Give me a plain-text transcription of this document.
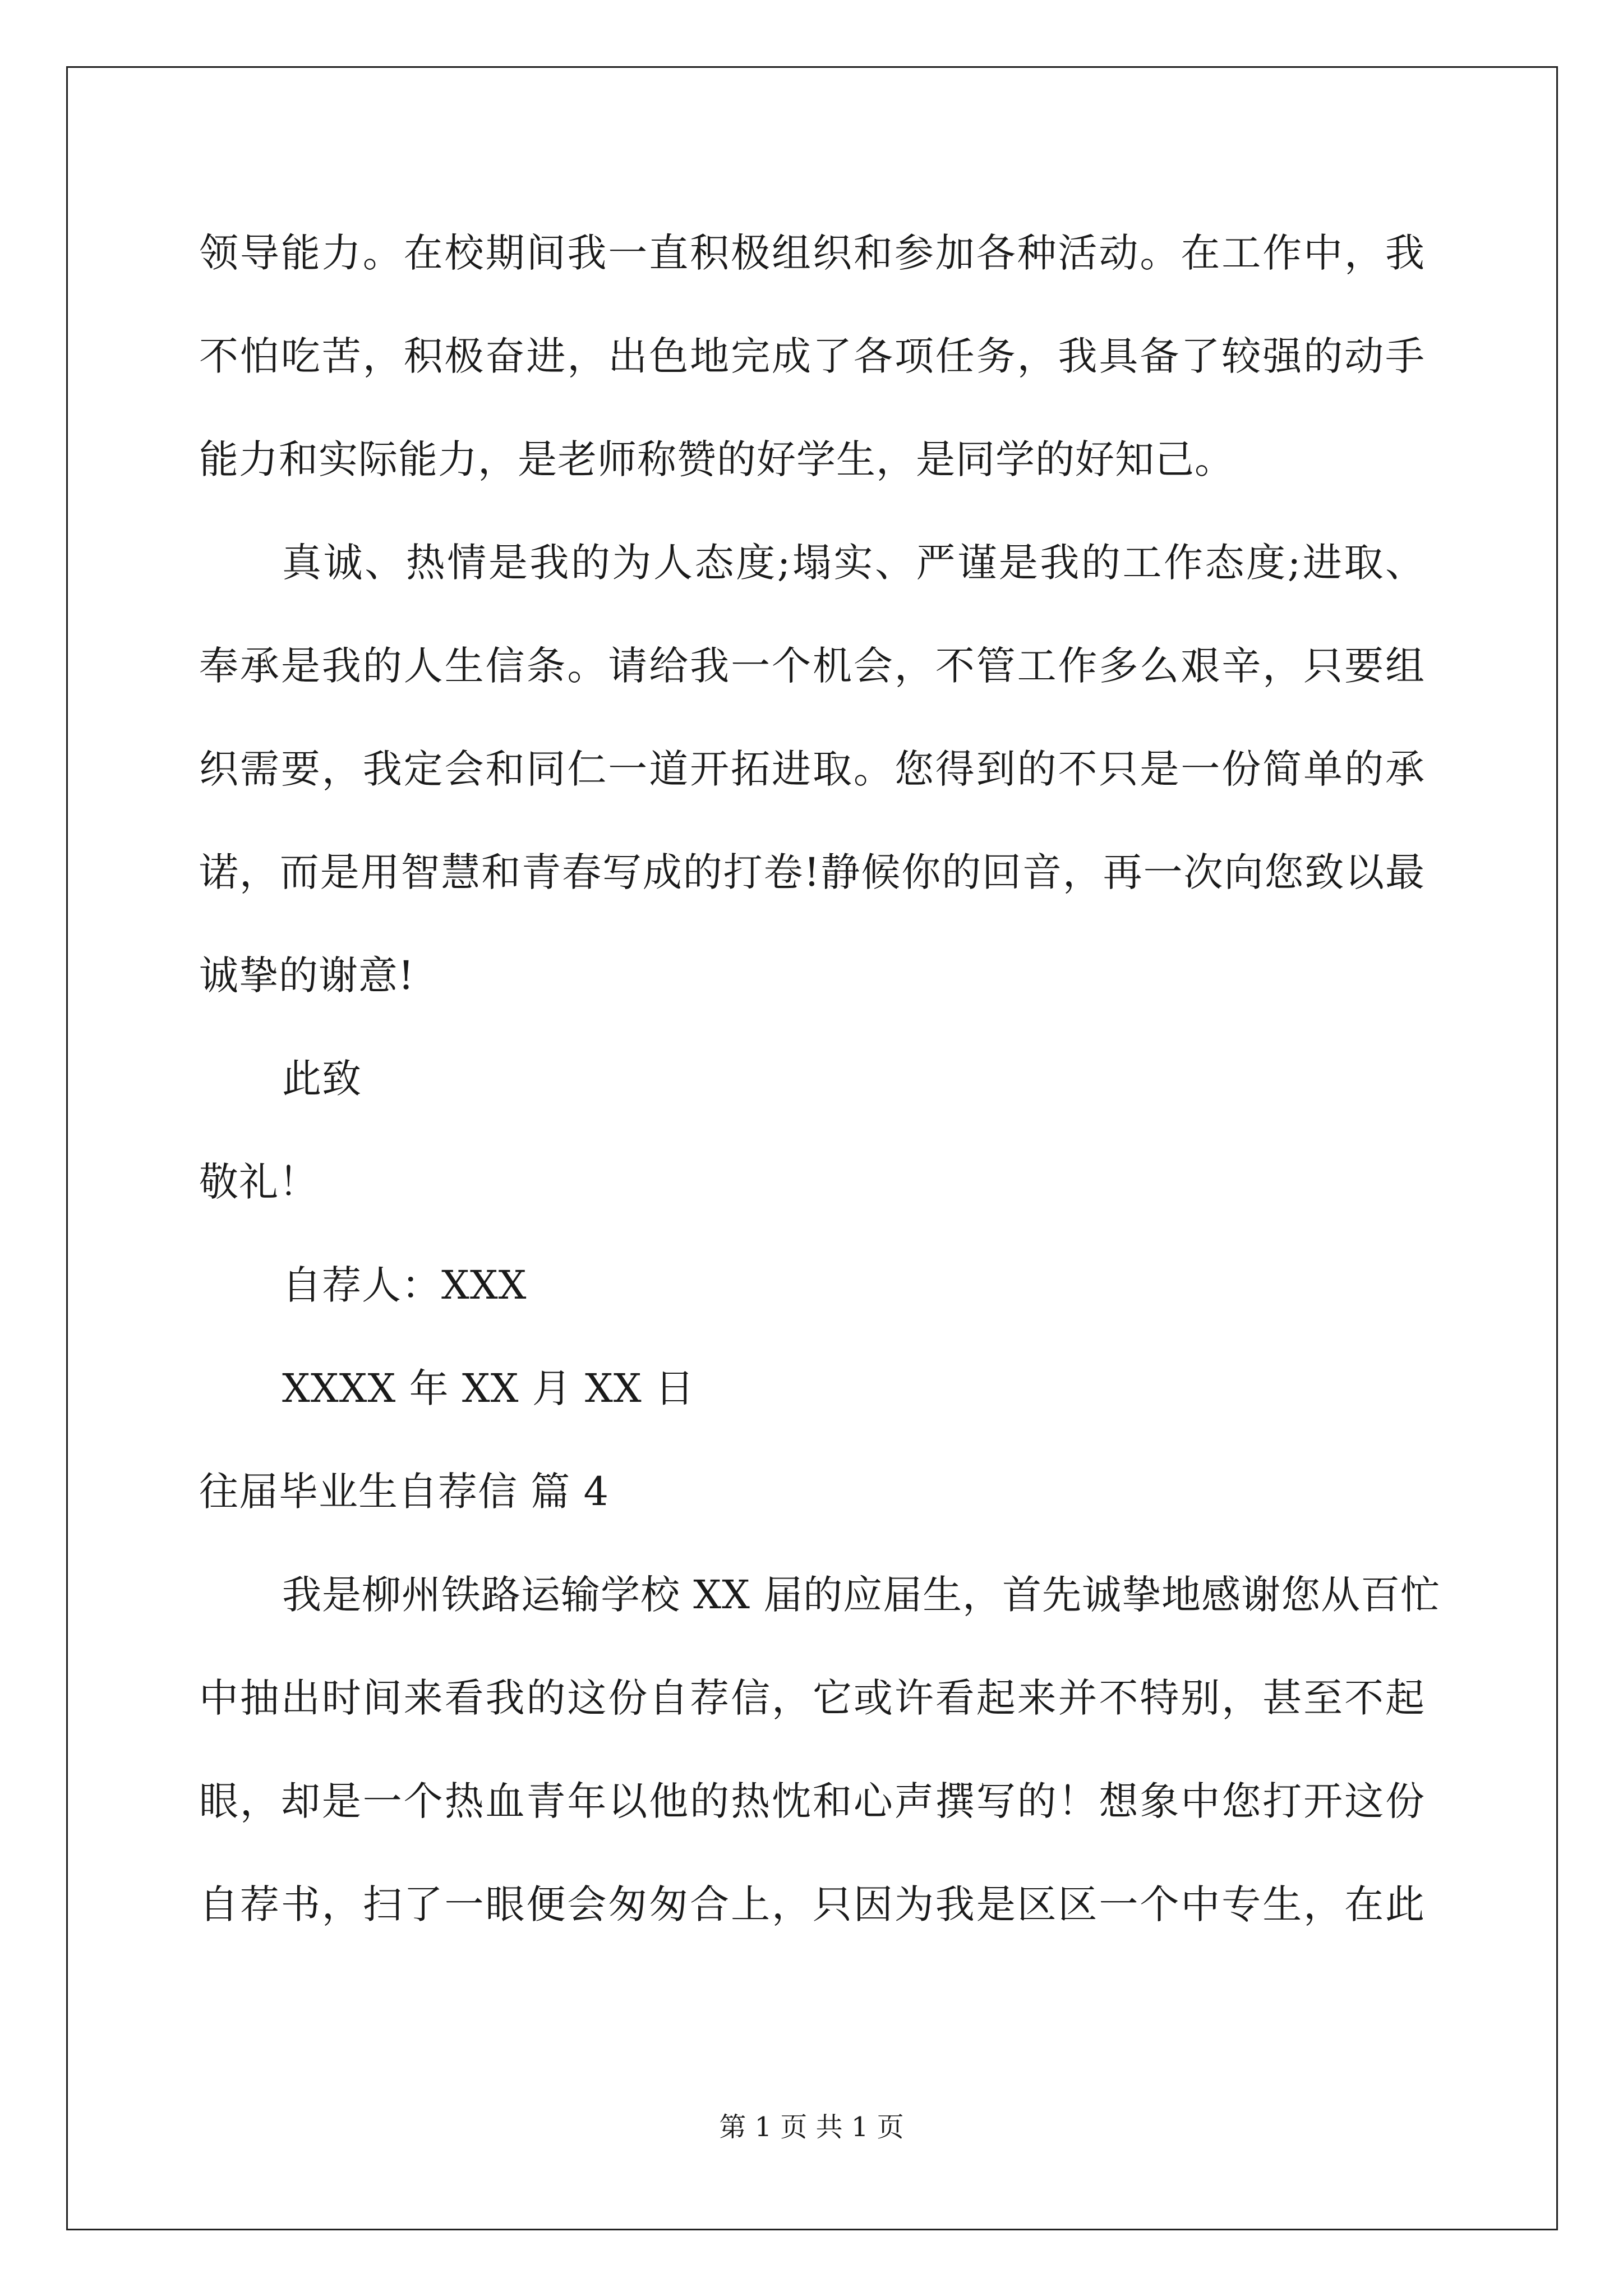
领导能力。在校期间我一直积极组织和参加各种活动。在工作中，我
不怕吃苦，积极奋进，出色地完成了各项任务，我具备了较强的动手
能力和实际能力，是老师称赞的好学生，是同学的好知己。
真诚、热情是我的为人态度;塌实、严谨是我的工作态度;进取、
奉承是我的人生信条。请给我一个机会，不管工作多么艰辛，只要组
织需要，我定会和同仁一道开拓进取。您得到的不只是一份简单的承
诺，而是用智慧和青春写成的打卷!静候你的回音，再一次向您致以最
诚挚的谢意!
此致
敬礼！
自荐人：XXX
XXXX 年 XX 月 XX 日
往届毕业生自荐信 篇 4
我是柳州铁路运输学校 XX 届的应届生，首先诚挚地感谢您从百忙
中抽出时间来看我的这份自荐信，它或许看起来并不特别，甚至不起
眼，却是一个热血青年以他的热忱和心声撰写的！想象中您打开这份
自荐书，扫了一眼便会匆匆合上，只因为我是区区一个中专生，在此
第 1 页 共 1 页
